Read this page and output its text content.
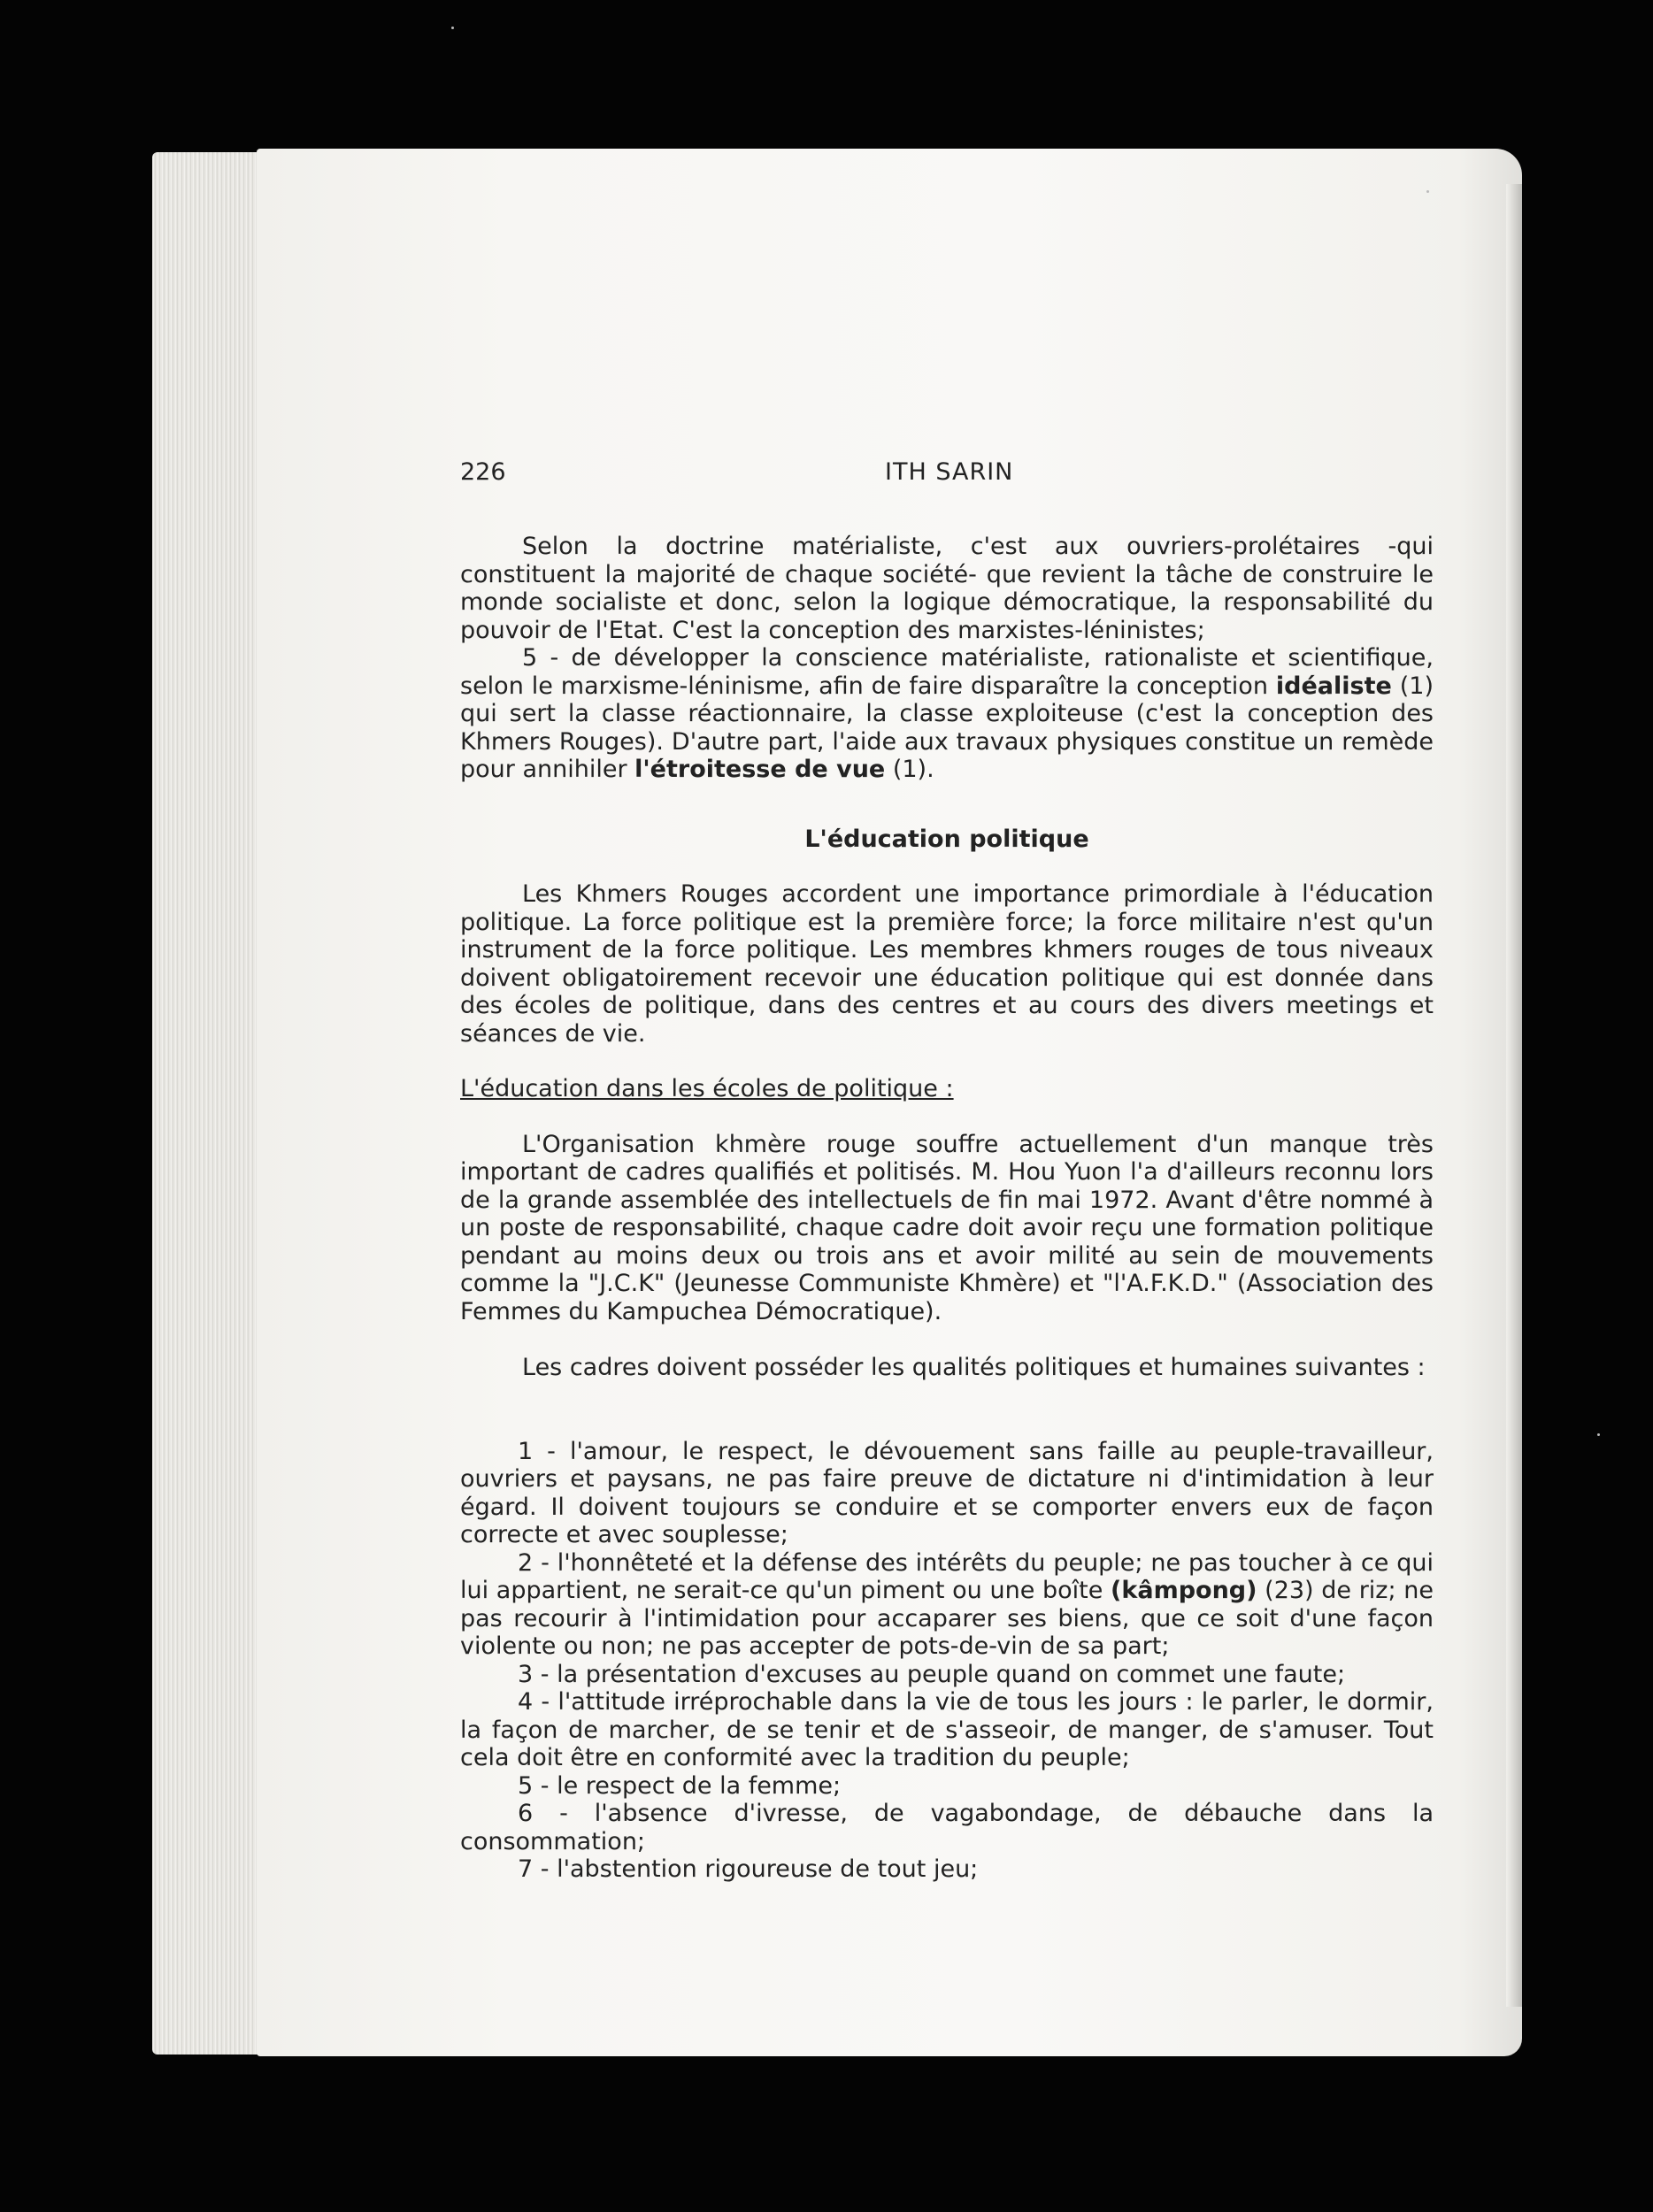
226	ITH SARIN

Selon la doctrine matérialiste, c'est aux ouvriers-prolétaires -qui constituent la majorité de chaque société- que revient la tâche de construire le monde socialiste et donc, selon la logique démocratique, la responsabilité du pouvoir de l'Etat. C'est la conception des marxistes-léninistes;

5 - de développer la conscience matérialiste, rationaliste et scientifique, selon le marxisme-léninisme, afin de faire disparaître la conception idéaliste (1) qui sert la classe réactionnaire, la classe exploiteuse (c'est la conception des Khmers Rouges). D'autre part, l'aide aux travaux physiques constitue un remède pour annihiler l'étroitesse de vue (1).

L'éducation politique

Les Khmers Rouges accordent une importance primordiale à l'éducation politique. La force politique est la première force; la force militaire n'est qu'un instrument de la force politique. Les membres khmers rouges de tous niveaux doivent obligatoirement recevoir une éducation politique qui est donnée dans des écoles de politique, dans des centres et au cours des divers meetings et séances de vie.

L'éducation dans les écoles de politique :

L'Organisation khmère rouge souffre actuellement d'un manque très important de cadres qualifiés et politisés. M. Hou Yuon l'a d'ailleurs reconnu lors de la grande assemblée des intellectuels de fin mai 1972. Avant d'être nommé à un poste de responsabilité, chaque cadre doit avoir reçu une formation politique pendant au moins deux ou trois ans et avoir milité au sein de mouvements comme la "J.C.K" (Jeunesse Communiste Khmère) et "l'A.F.K.D." (Association des Femmes du Kampuchea Démocratique).

Les cadres doivent posséder les qualités politiques et humaines suivantes :

1 - l'amour, le respect, le dévouement sans faille au peuple-travailleur, ouvriers et paysans, ne pas faire preuve de dictature ni d'intimidation à leur égard. Il doivent toujours se conduire et se comporter envers eux de façon correcte et avec souplesse;

2 - l'honnêteté et la défense des intérêts du peuple; ne pas toucher à ce qui lui appartient, ne serait-ce qu'un piment ou une boîte (kâmpong) (23) de riz; ne pas recourir à l'intimidation pour accaparer ses biens, que ce soit d'une façon violente ou non; ne pas accepter de pots-de-vin de sa part;

3 - la présentation d'excuses au peuple quand on commet une faute;

4 - l'attitude irréprochable dans la vie de tous les jours : le parler, le dormir, la façon de marcher, de se tenir et de s'asseoir, de manger, de s'amuser. Tout cela doit être en conformité avec la tradition du peuple;

5 - le respect de la femme;

6 - l'absence d'ivresse, de vagabondage, de débauche dans la consommation;

7 - l'abstention rigoureuse de tout jeu;
